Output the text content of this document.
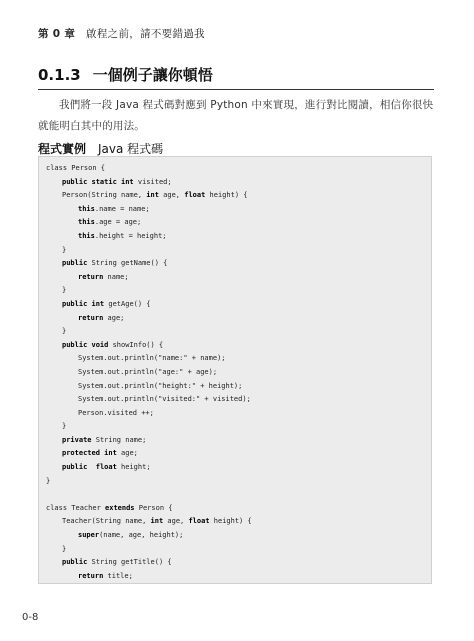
第 0 章 啟程之前，請不要錯過我
0.1.3 一個例子讓你頓悟
我們將一段 Java 程式碼對應到 Python 中來實現，進行對比閱讀，相信你很快就能明白其中的用法。
程式實例 Java 程式碼
class Person {
public static int visited;
Person(String name, int age, float height) {
this.name = name;
this.age = age;
this.height = height;
}
public String getName() {
return name;
}
public int getAge() {
return age;
}
public void showInfo() {
System.out.println("name:" + name);
System.out.println("age:" + age);
System.out.println("height:" + height);
System.out.println("visited:" + visited);
Person.visited ++;
}
private String name;
protected int age;
public float height;
}
class Teacher extends Person {
Teacher(String name, int age, float height) {
super(name, age, height);
}
public String getTitle() {
return title;
0-8
